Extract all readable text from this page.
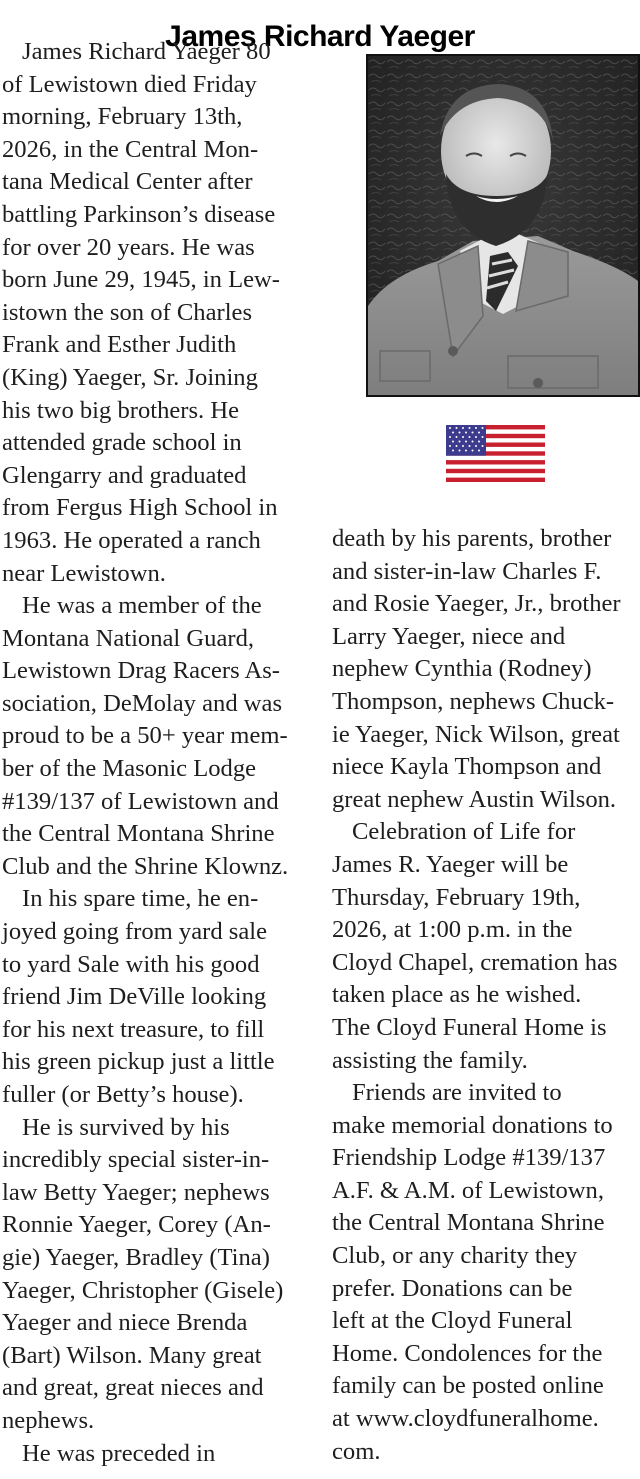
James Richard Yaeger
James Richard Yaeger 80
of Lewistown died Friday
morning, February 13th,
2026, in the Central Mon-
tana Medical Center after
battling Parkinson’s disease
for over 20 years. He was
born June 29, 1945, in Lew-
istown the son of Charles
Frank and Esther Judith
(King) Yaeger, Sr. Joining
his two big brothers. He
attended grade school in
Glengarry and graduated
from Fergus High School in
1963. He operated a ranch
near Lewistown.
He was a member of the
Montana National Guard,
Lewistown Drag Racers As-
sociation, DeMolay and was
proud to be a 50+ year mem-
ber of the Masonic Lodge
#139/137 of Lewistown and
the Central Montana Shrine
Club and the Shrine Klownz.
In his spare time, he en-
joyed going from yard sale
to yard Sale with his good
friend Jim DeVille looking
for his next treasure, to fill
his green pickup just a little
fuller (or Betty’s house).
He is survived by his
incredibly special sister-in-
law Betty Yaeger; nephews
Ronnie Yaeger, Corey (An-
gie) Yaeger, Bradley (Tina)
Yaeger, Christopher (Gisele)
Yaeger and niece Brenda
(Bart) Wilson. Many great
and great, great nieces and
nephews.
He was preceded in
death by his parents, brother
and sister-in-law Charles F.
and Rosie Yaeger, Jr., brother
Larry Yaeger, niece and
nephew Cynthia (Rodney)
Thompson, nephews Chuck-
ie Yaeger, Nick Wilson, great
niece Kayla Thompson and
great nephew Austin Wilson.
Celebration of Life for
James R. Yaeger will be
Thursday, February 19th,
2026, at 1:00 p.m. in the
Cloyd Chapel, cremation has
taken place as he wished.
The Cloyd Funeral Home is
assisting the family.
Friends are invited to
make memorial donations to
Friendship Lodge #139/137
A.F. & A.M. of Lewistown,
the Central Montana Shrine
Club, or any charity they
prefer. Donations can be
left at the Cloyd Funeral
Home. Condolences for the
family can be posted online
at www.cloydfuneralhome.
com.
